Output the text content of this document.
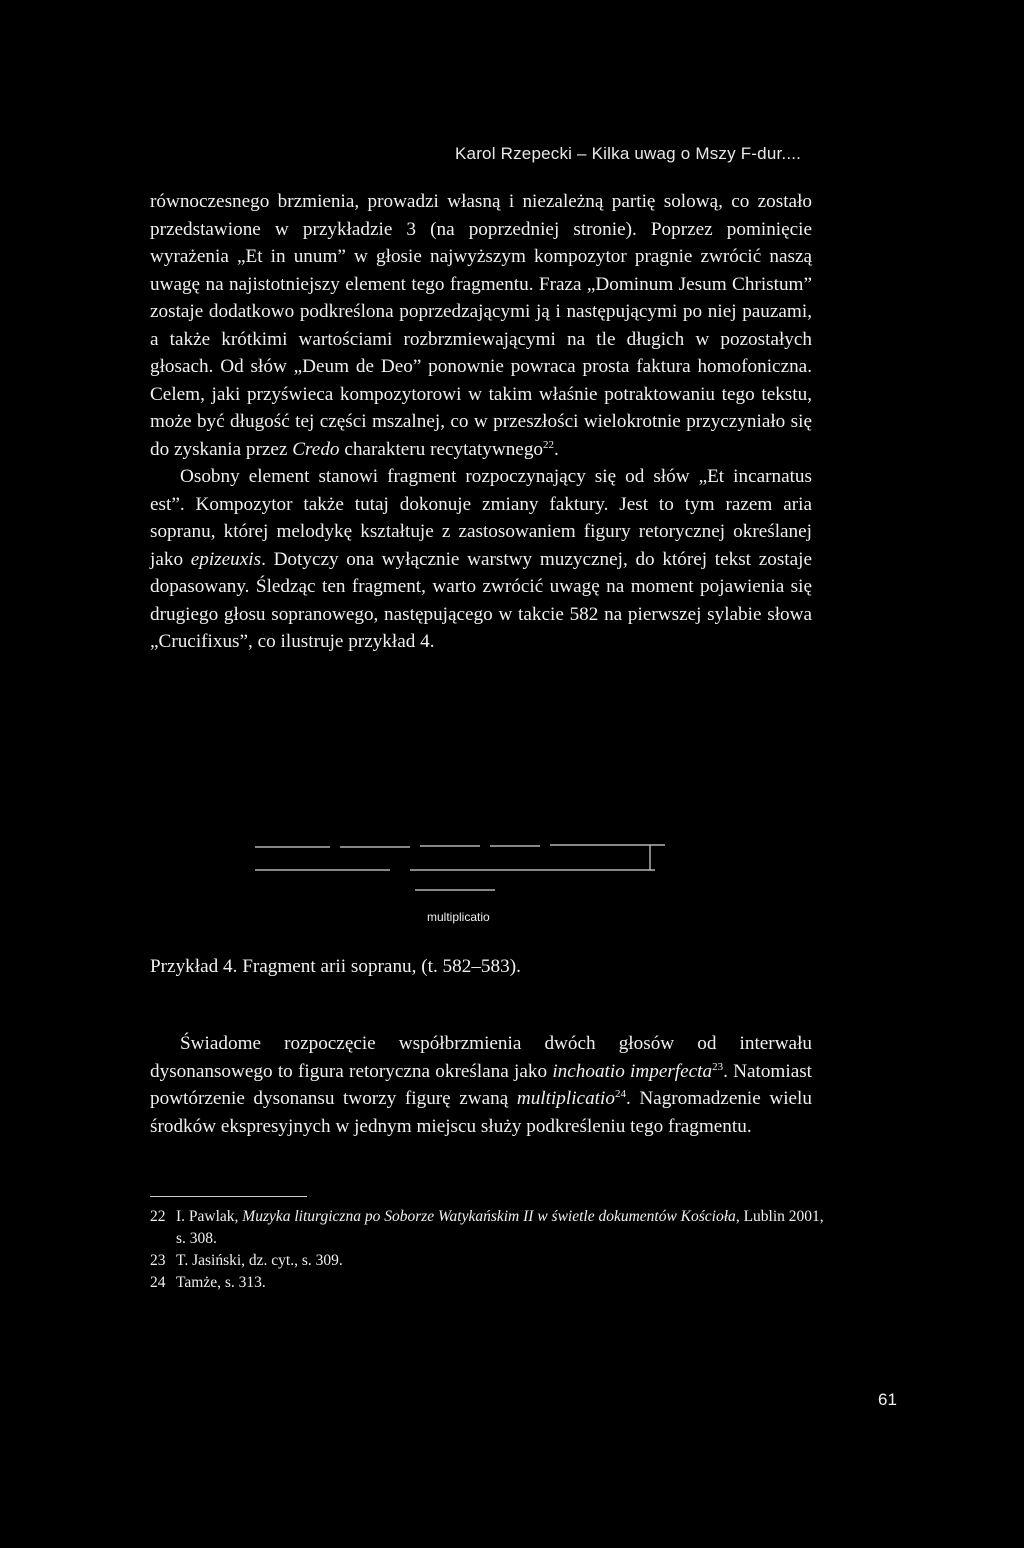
Karol Rzepecki – Kilka uwag o Mszy F-dur....

równoczesnego brzmienia, prowadzi własną i niezależną partię solową, co zostało przedstawione w przykładzie 3 (na poprzedniej stronie). Poprzez pominięcie wyrażenia „Et in unum” w głosie najwyższym kompozytor pragnie zwrócić naszą uwagę na najistotniejszy element tego fragmentu. Fraza „Dominum Jesum Christum” zostaje dodatkowo podkreślona poprzedzającymi ją i następującymi po niej pauzami, a także krótkimi wartościami rozbrzmiewającymi na tle długich w pozostałych głosach. Od słów „Deum de Deo” ponownie powraca prosta faktura homofoniczna. Celem, jaki przyświeca kompozytorowi w takim właśnie potraktowaniu tego tekstu, może być długość tej części mszalnej, co w przeszłości wielokrotnie przyczyniało się do zyskania przez Credo charakteru recytatywnego$^{22}$.

Osobny element stanowi fragment rozpoczynający się od słów „Et incarnatus est”. Kompozytor także tutaj dokonuje zmiany faktury. Jest to tym razem aria sopranu, której melodykę kształtuje z zastosowaniem figury retorycznej określanej jako epizeuxis. Dotyczy ona wyłącznie warstwy muzycznej, do której tekst zostaje dopasowany. Śledząc ten fragment, warto zwrócić uwagę na moment pojawienia się drugiego głosu sopranowego, następującego w takcie 582 na pierwszej sylabie słowa „Crucifixus”, co ilustruje przykład 4.

multiplicatio
Przykład 4. Fragment arii sopranu, (t. 582–583).

Świadome rozpoczęcie współbrzmienia dwóch głosów od interwału dysonansowego to figura retoryczna określana jako inchoatio imperfecta$^{23}$. Natomiast powtórzenie dysonansu tworzy figurę zwaną multiplicatio$^{24}$. Nagromadzenie wielu środków ekspresyjnych w jednym miejscu służy podkreśleniu tego fragmentu.

22 I. Pawlak, Muzyka liturgiczna po Soborze Watykańskim II w świetle dokumentów Kościoła, Lublin 2001, s. 308.
23 T. Jasiński, dz. cyt., s. 309.
24 Tamże, s. 313.
61
